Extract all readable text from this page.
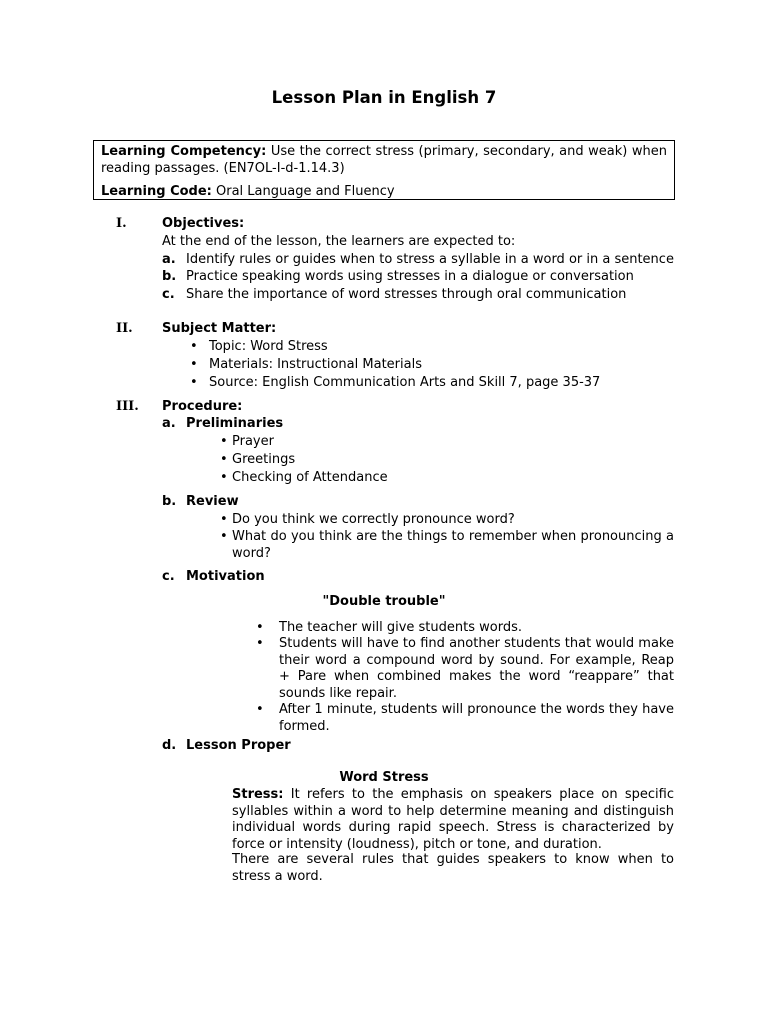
Lesson Plan in English 7
Learning Competency: Use the correct stress (primary, secondary, and weak) when reading passages. (EN7OL-I-d-1.14.3)
Learning Code: Oral Language and Fluency
I.	Objectives:
At the end of the lesson, the learners are expected to:
a. Identify rules or guides when to stress a syllable in a word or in a sentence
b. Practice speaking words using stresses in a dialogue or conversation
c. Share the importance of word stresses through oral communication
II. Subject Matter:
• Topic: Word Stress
• Materials: Instructional Materials
• Source: English Communication Arts and Skill 7, page 35-37
III. Procedure:
a. Preliminaries
• Prayer
• Greetings
• Checking of Attendance
b. Review
• Do you think we correctly pronounce word?
• What do you think are the things to remember when pronouncing a word?
c. Motivation
"Double trouble"
• The teacher will give students words.
• Students will have to find another students that would make their word a compound word by sound. For example, Reap + Pare when combined makes the word “reappare” that sounds like repair.
• After 1 minute, students will pronounce the words they have formed.
d. Lesson Proper
Word Stress
Stress: It refers to the emphasis on speakers place on specific syllables within a word to help determine meaning and distinguish individual words during rapid speech. Stress is characterized by force or intensity (loudness), pitch or tone, and duration.
There are several rules that guides speakers to know when to stress a word.
